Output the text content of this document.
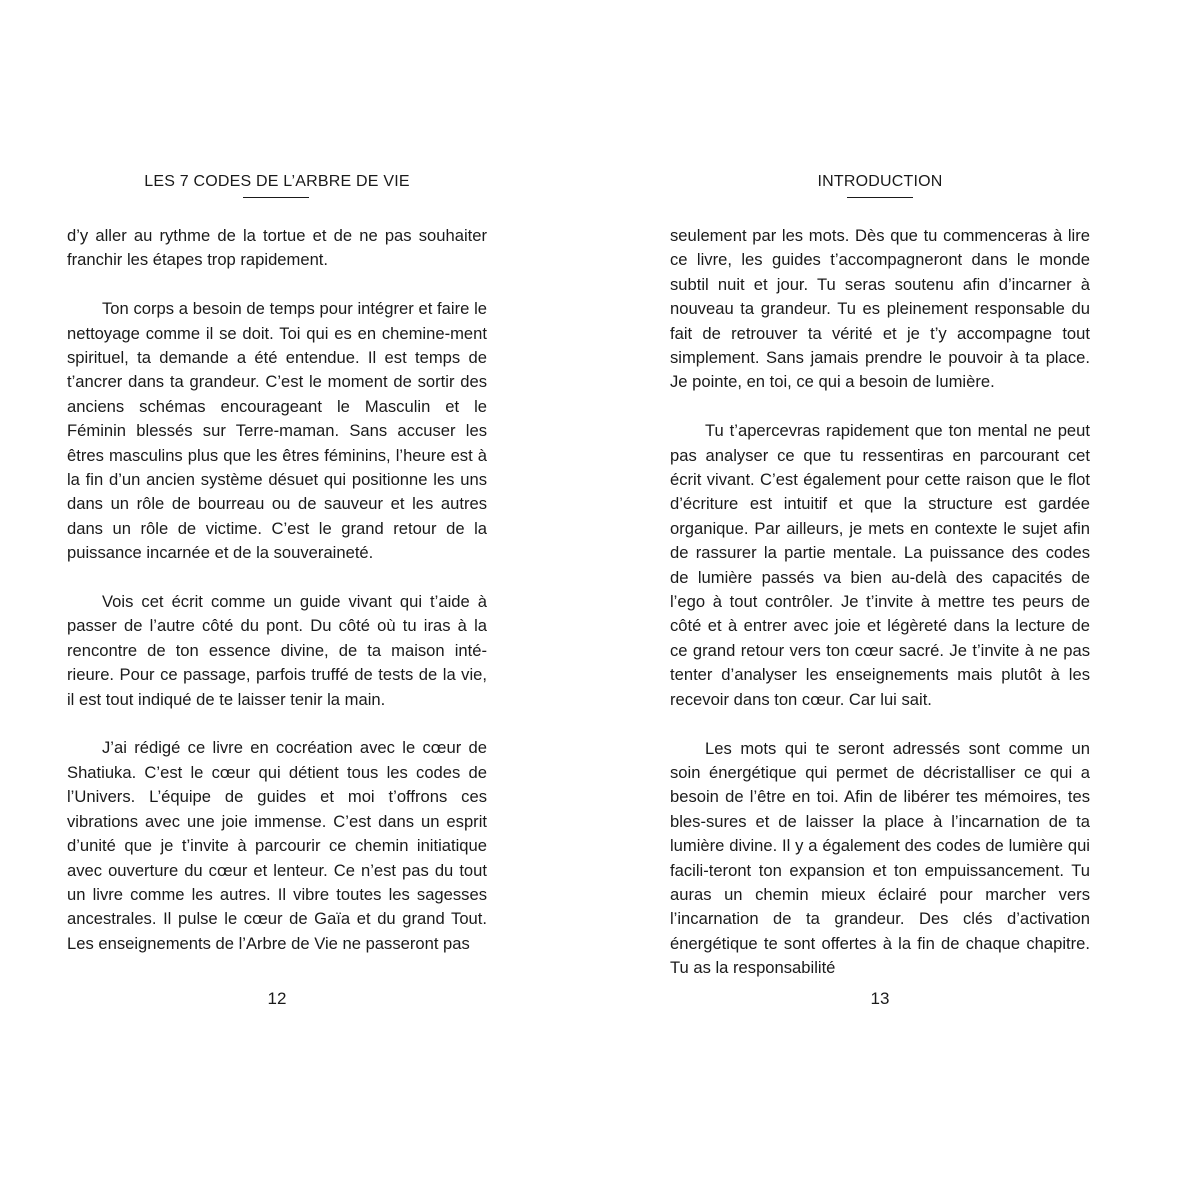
LES 7 CODES DE L’ARBRE DE VIE

d’y aller au rythme de la tortue et de ne pas souhaiter franchir les étapes trop rapidement.

Ton corps a besoin de temps pour intégrer et faire le nettoyage comme il se doit. Toi qui es en chemine-ment spirituel, ta demande a été entendue. Il est temps de t’ancrer dans ta grandeur. C’est le moment de sortir des anciens schémas encourageant le Masculin et le Féminin blessés sur Terre-maman. Sans accuser les êtres masculins plus que les êtres féminins, l’heure est à la fin d’un ancien système désuet qui positionne les uns dans un rôle de bourreau ou de sauveur et les autres dans un rôle de victime. C’est le grand retour de la puissance incarnée et de la souveraineté.

Vois cet écrit comme un guide vivant qui t’aide à passer de l’autre côté du pont. Du côté où tu iras à la rencontre de ton essence divine, de ta maison inté-rieure. Pour ce passage, parfois truffé de tests de la vie, il est tout indiqué de te laisser tenir la main.

J’ai rédigé ce livre en cocréation avec le cœur de Shatiuka. C’est le cœur qui détient tous les codes de l’Univers. L’équipe de guides et moi t’offrons ces vibrations avec une joie immense. C’est dans un esprit d’unité que je t’invite à parcourir ce chemin initiatique avec ouverture du cœur et lenteur. Ce n’est pas du tout un livre comme les autres. Il vibre toutes les sagesses ancestrales. Il pulse le cœur de Gaïa et du grand Tout. Les enseignements de l’Arbre de Vie ne passeront pas

12
INTRODUCTION

seulement par les mots. Dès que tu commenceras à lire ce livre, les guides t’accompagneront dans le monde subtil nuit et jour. Tu seras soutenu afin d’incarner à nouveau ta grandeur. Tu es pleinement responsable du fait de retrouver ta vérité et je t’y accompagne tout simplement. Sans jamais prendre le pouvoir à ta place. Je pointe, en toi, ce qui a besoin de lumière.

Tu t’apercevras rapidement que ton mental ne peut pas analyser ce que tu ressentiras en parcourant cet écrit vivant. C’est également pour cette raison que le flot d’écriture est intuitif et que la structure est gardée organique. Par ailleurs, je mets en contexte le sujet afin de rassurer la partie mentale. La puissance des codes de lumière passés va bien au-delà des capacités de l’ego à tout contrôler. Je t’invite à mettre tes peurs de côté et à entrer avec joie et légèreté dans la lecture de ce grand retour vers ton cœur sacré. Je t’invite à ne pas tenter d’analyser les enseignements mais plutôt à les recevoir dans ton cœur. Car lui sait.

Les mots qui te seront adressés sont comme un soin énergétique qui permet de décristalliser ce qui a besoin de l’être en toi. Afin de libérer tes mémoires, tes bles-sures et de laisser la place à l’incarnation de ta lumière divine. Il y a également des codes de lumière qui facili-teront ton expansion et ton empuissancement. Tu auras un chemin mieux éclairé pour marcher vers l’incarnation de ta grandeur. Des clés d’activation énergétique te sont offertes à la fin de chaque chapitre. Tu as la responsabilité

13
